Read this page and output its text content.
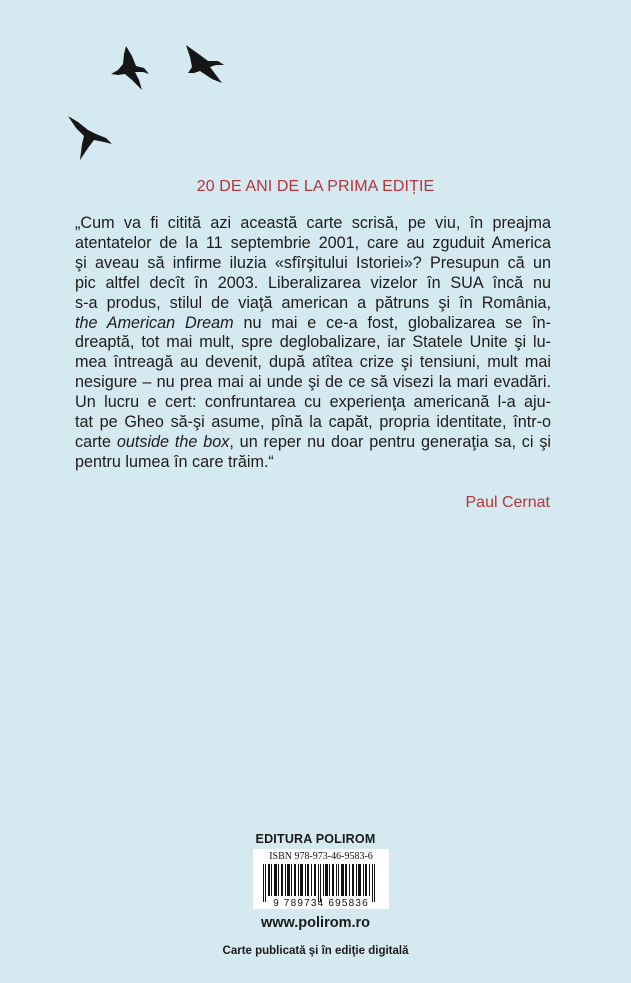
20 DE ANI DE LA PRIMA EDIȚIE
„Cum va fi citită azi această carte scrisă, pe viu, în preajma
atentatelor de la 11 septembrie 2001, care au zguduit America
şi aveau să infirme iluzia «sfîrşitului Istoriei»? Presupun că un
pic altfel decît în 2003. Liberalizarea vizelor în SUA încă nu
s-a produs, stilul de viaţă american a pătruns şi în România,
the American Dream nu mai e ce-a fost, globalizarea se în-
dreaptă, tot mai mult, spre deglobalizare, iar Statele Unite şi lu-
mea întreagă au devenit, după atîtea crize şi tensiuni, mult mai
nesigure – nu prea mai ai unde şi de ce să visezi la mari evadări.
Un lucru e cert: confruntarea cu experienţa americană l-a aju-
tat pe Gheo să-şi asume, pînă la capăt, propria identitate, într-o
carte outside the box, un reper nu doar pentru generaţia sa, ci şi
pentru lumea în care trăim.“
Paul Cernat
EDITURA POLIROM
ISBN 978-973-46-9583-6
9 789734 695836
www.polirom.ro
Carte publicată şi în ediţie digitală
